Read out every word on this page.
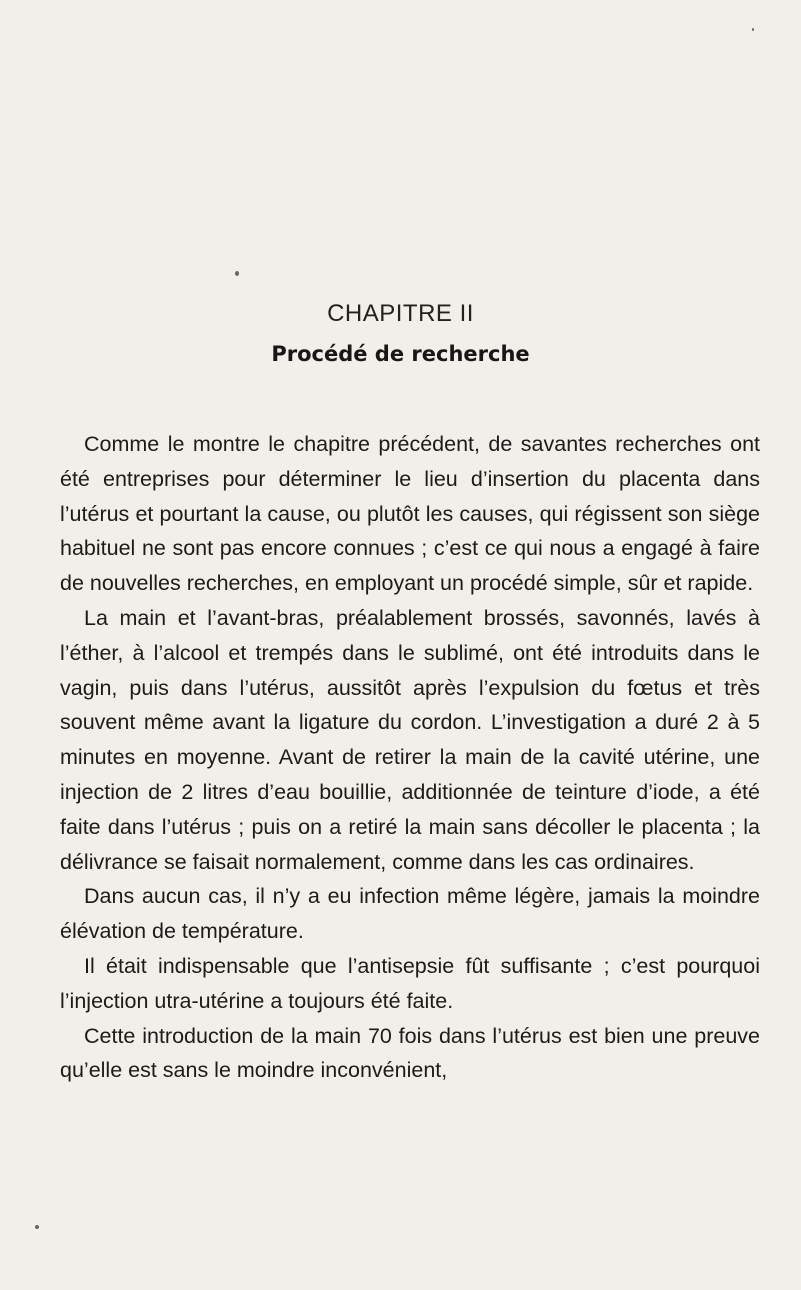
CHAPITRE II
Procédé de recherche

Comme le montre le chapitre précédent, de savantes recherches ont été entreprises pour déterminer le lieu d’insertion du placenta dans l’utérus et pourtant la cause, ou plutôt les causes, qui régissent son siège habituel ne sont pas encore connues ; c’est ce qui nous a engagé à faire de nouvelles recherches, en employant un procédé simple, sûr et rapide.

La main et l’avant-bras, préalablement brossés, savonnés, lavés à l’éther, à l’alcool et trempés dans le sublimé, ont été introduits dans le vagin, puis dans l’utérus, aussitôt après l’expulsion du fœtus et très souvent même avant la ligature du cordon. L’investigation a duré 2 à 5 minutes en moyenne. Avant de retirer la main de la cavité utérine, une injection de 2 litres d’eau bouillie, additionnée de teinture d’iode, a été faite dans l’utérus ; puis on a retiré la main sans décoller le placenta ; la délivrance se faisait normalement, comme dans les cas ordinaires.

Dans aucun cas, il n’y a eu infection même légère, jamais la moindre élévation de température.

Il était indispensable que l’antisepsie fût suffisante ; c’est pourquoi l’injection utra-utérine a toujours été faite.

Cette introduction de la main 70 fois dans l’utérus est bien une preuve qu’elle est sans le moindre inconvénient,
